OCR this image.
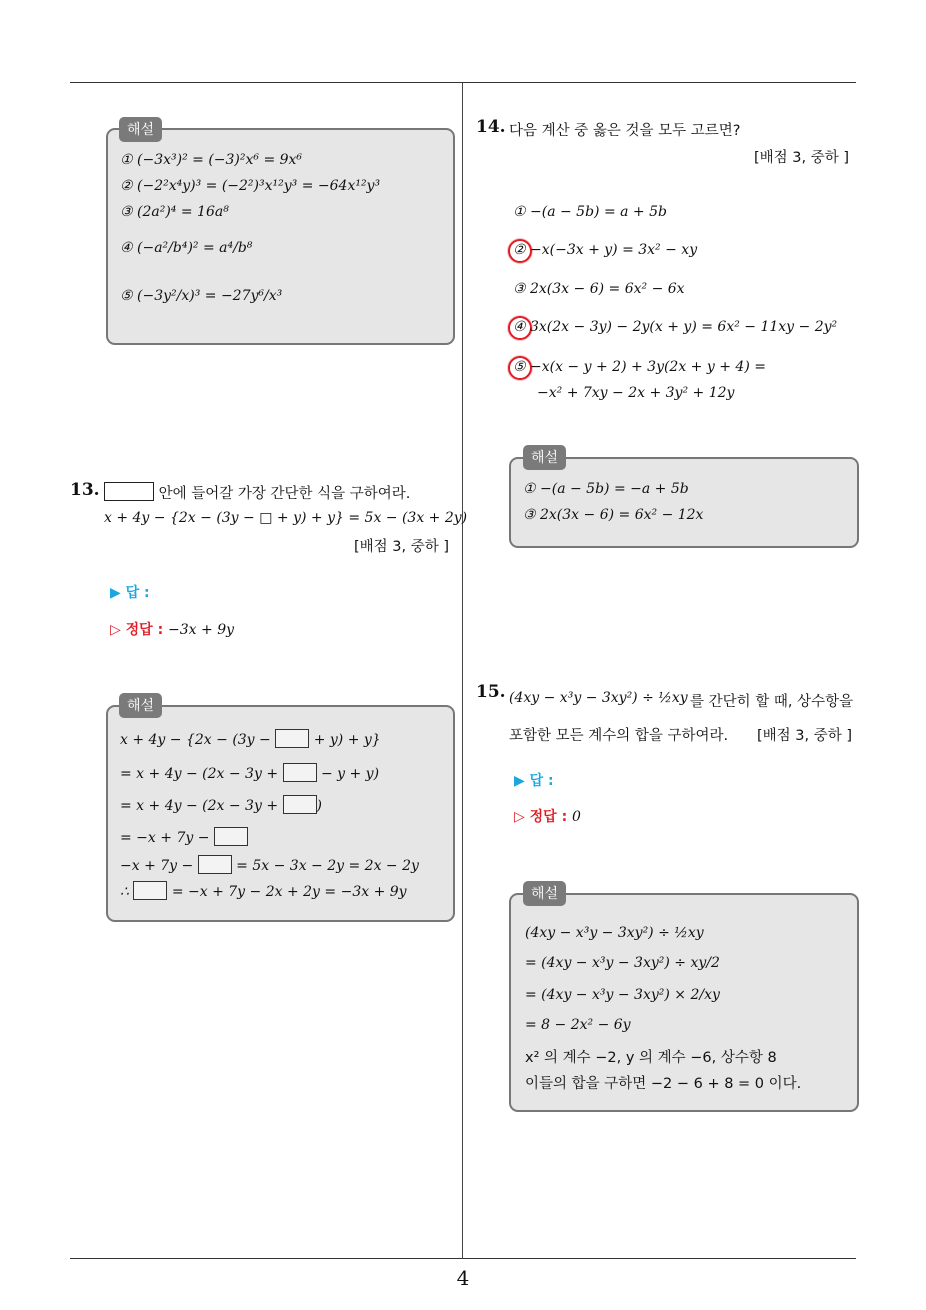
① (−3x³)² = (−3)²x⁶ = 9x⁶
② (−2²x⁴y)³ = (−2²)³x¹²y³ = −64x¹²y³
③ (2a²)⁴ = 16a⁸
④ (−a²/b⁴)² = a⁴/b⁸
⑤ (−3y²/x)³ = −27y⁶/x³
해설
13.	안에 들어갈 가장 간단한 식을 구하여라.
x + 4y − {2x − (3y − □ + y) + y} = 5x − (3x + 2y)
[배점 3, 중하 ]
▶ 답 :
▷ 정답 : −3x + 9y
x + 4y − {2x − (3y −	+ y) + y}
= x + 4y − (2x − 3y +	− y + y)
= x + 4y − (2x − 3y +	)
= −x + 7y −
−x + 7y −	= 5x − 3x − 2y = 2x − 2y
∴	= −x + 7y − 2x + 2y = −3x + 9y
해설
14. 다음 계산 중 옳은 것을 모두 고르면?
[배점 3, 중하 ]
① −(a − 5b) = a + 5b
② −x(−3x + y) = 3x² − xy
③ 2x(3x − 6) = 6x² − 6x
④ 3x(2x − 3y) − 2y(x + y) = 6x² − 11xy − 2y²
⑤ −x(x − y + 2) + 3y(2x + y + 4) =
−x² + 7xy − 2x + 3y² + 12y
① −(a − 5b) = −a + 5b
③ 2x(3x − 6) = 6x² − 12x
해설
15. (4xy − x³y − 3xy²) ÷ ½xy 를 간단히 할 때, 상수항을
포함한 모든 계수의 합을 구하여라. [배점 3, 중하 ]
▶ 답 :
▷ 정답 : 0
(4xy − x³y − 3xy²) ÷ ½xy
= (4xy − x³y − 3xy²) ÷ xy/2
= (4xy − x³y − 3xy²) × 2/xy
= 8 − 2x² − 6y
x² 의 계수 −2, y 의 계수 −6, 상수항 8
이들의 합을 구하면 −2 − 6 + 8 = 0 이다.
해설
4
